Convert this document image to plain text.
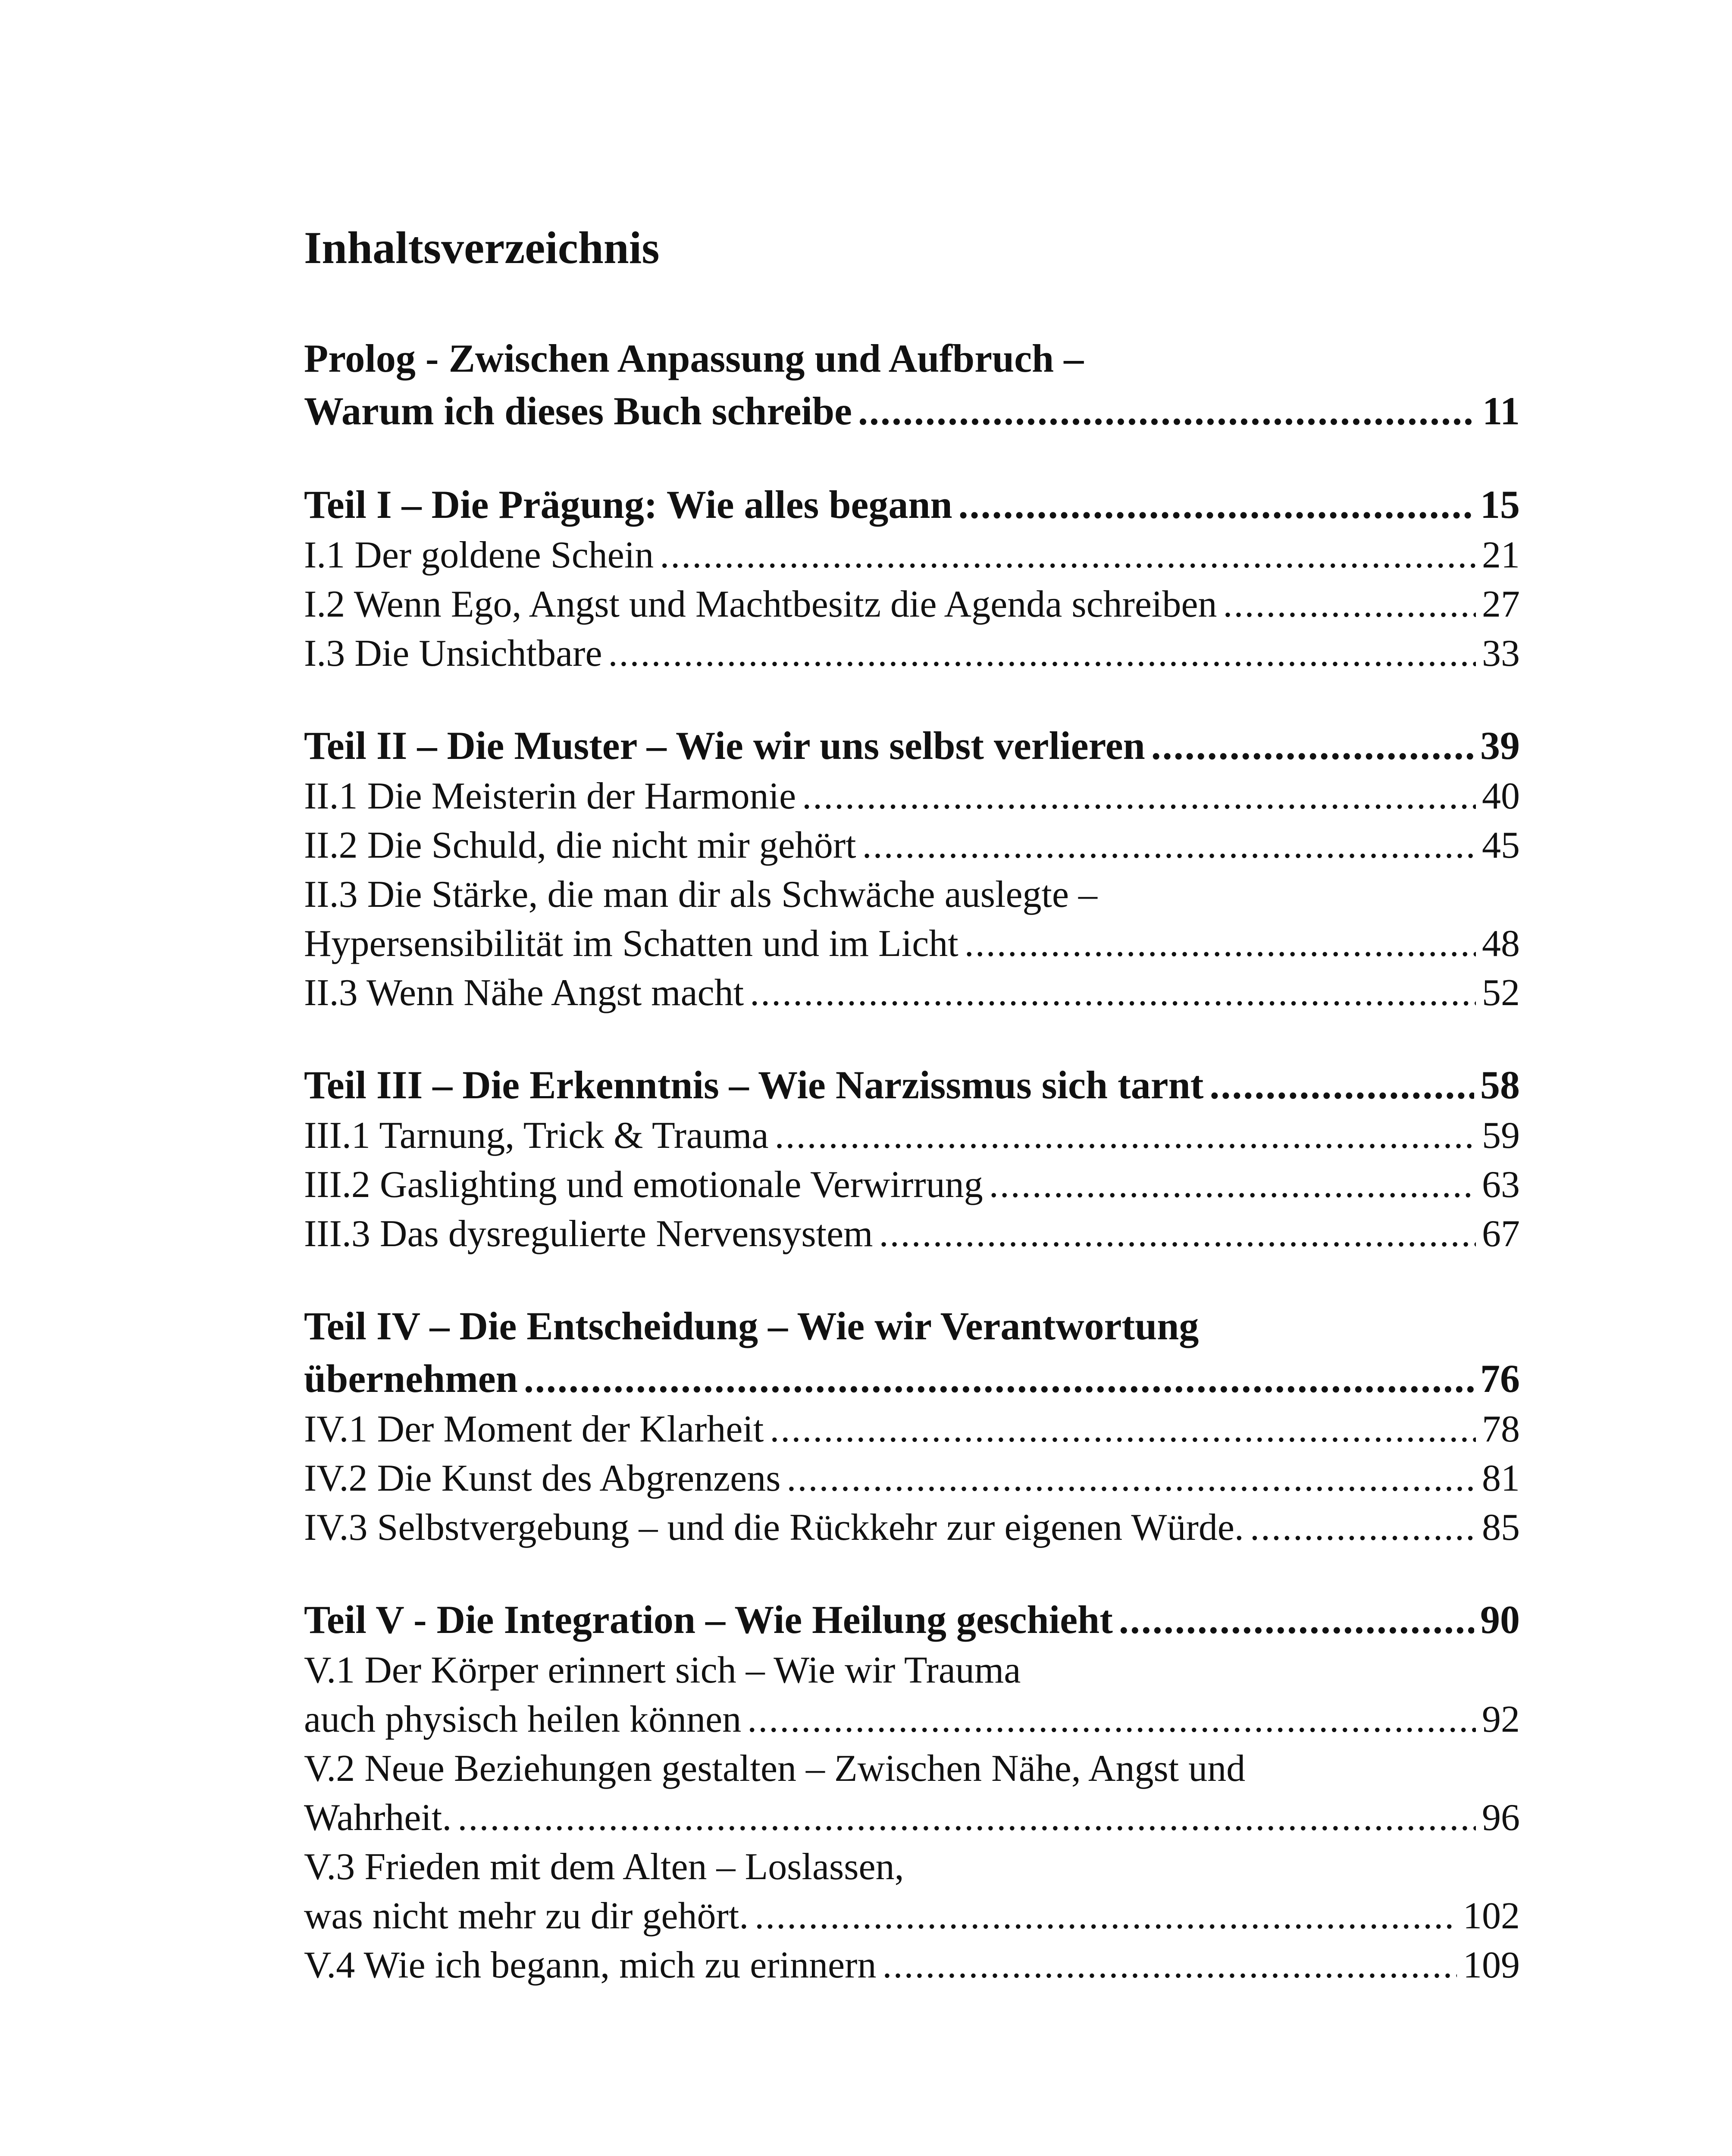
Inhaltsverzeichnis
Prolog - Zwischen Anpassung und Aufbruch –
Warum ich dieses Buch schreibe .....	11
Teil I – Die Prägung: Wie alles begann .....	15
I.1 Der goldene Schein .....	21
I.2 Wenn Ego, Angst und Machtbesitz die Agenda schreiben .....	27
I.3 Die Unsichtbare .....	33
Teil II – Die Muster – Wie wir uns selbst verlieren .....	39
II.1 Die Meisterin der Harmonie .....	40
II.2 Die Schuld, die nicht mir gehört .....	45
II.3 Die Stärke, die man dir als Schwäche auslegte –
Hypersensibilität im Schatten und im Licht .....	48
II.3 Wenn Nähe Angst macht .....	52
Teil III – Die Erkenntnis – Wie Narzissmus sich tarnt .....	58
III.1 Tarnung, Trick & Trauma .....	59
III.2 Gaslighting und emotionale Verwirrung .....	63
III.3 Das dysregulierte Nervensystem .....	67
Teil IV – Die Entscheidung – Wie wir Verantwortung
übernehmen .....	76
IV.1 Der Moment der Klarheit .....	78
IV.2 Die Kunst des Abgrenzens .....	81
IV.3 Selbstvergebung – und die Rückkehr zur eigenen Würde. .....	85
Teil V - Die Integration – Wie Heilung geschieht .....	90
V.1 Der Körper erinnert sich – Wie wir Trauma
auch physisch heilen können .....	92
V.2 Neue Beziehungen gestalten – Zwischen Nähe, Angst und
Wahrheit. .....	96
V.3 Frieden mit dem Alten – Loslassen,
was nicht mehr zu dir gehört. .....	102
V.4 Wie ich begann, mich zu erinnern .....	109
